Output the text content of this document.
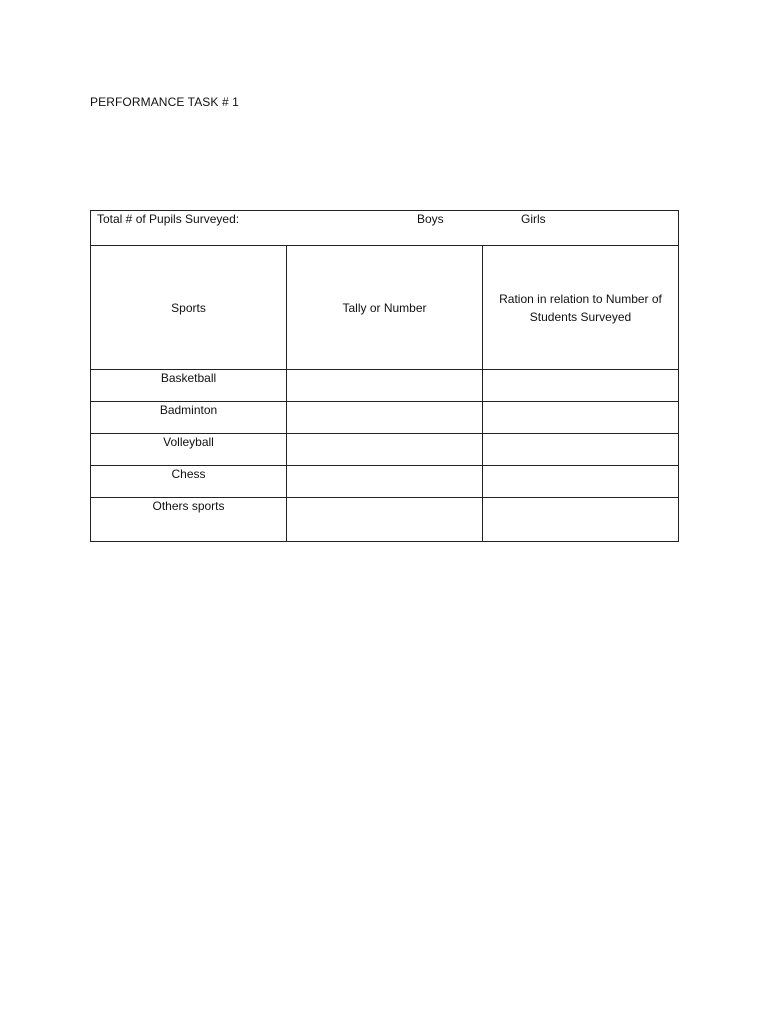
PERFORMANCE TASK # 1
Total # of Pupils Surveyed: Boys Girls		

Sports	Tally or Number	Ration in relation to Number of Students Surveyed
Basketball		
Badminton		
Volleyball		
Chess		
Others sports		
